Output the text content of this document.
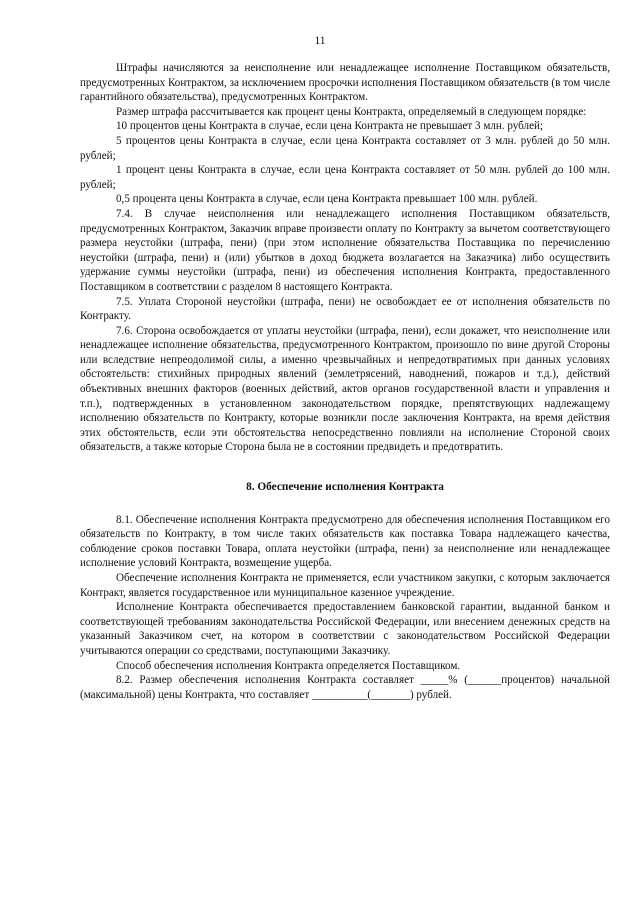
11

Штрафы начисляются за неисполнение или ненадлежащее исполнение Поставщиком обязательств, предусмотренных Контрактом, за исключением просрочки исполнения Поставщиком обязательств (в том числе гарантийного обязательства), предусмотренных Контрактом.

Размер штрафа рассчитывается как процент цены Контракта, определяемый в следующем порядке:

10 процентов цены Контракта в случае, если цена Контракта не превышает 3 млн. рублей;

5 процентов цены Контракта в случае, если цена Контракта составляет от 3 млн. рублей до 50 млн. рублей;

1 процент цены Контракта в случае, если цена Контракта составляет от 50 млн. рублей до 100 млн. рублей;

0,5 процента цены Контракта в случае, если цена Контракта превышает 100 млн. рублей.

7.4. В случае неисполнения или ненадлежащего исполнения Поставщиком обязательств, предусмотренных Контрактом, Заказчик вправе произвести оплату по Контракту за вычетом соответствующего размера неустойки (штрафа, пени) (при этом исполнение обязательства Поставщика по перечислению неустойки (штрафа, пени) и (или) убытков в доход бюджета возлагается на Заказчика) либо осуществить удержание суммы неустойки (штрафа, пени) из обеспечения исполнения Контракта, предоставленного Поставщиком в соответствии с разделом 8 настоящего Контракта.

7.5. Уплата Стороной неустойки (штрафа, пени) не освобождает ее от исполнения обязательств по Контракту.

7.6. Сторона освобождается от уплаты неустойки (штрафа, пени), если докажет, что неисполнение или ненадлежащее исполнение обязательства, предусмотренного Контрактом, произошло по вине другой Стороны или вследствие непреодолимой силы, а именно чрезвычайных и непредотвратимых при данных условиях обстоятельств: стихийных природных явлений (землетрясений, наводнений, пожаров и т.д.), действий объективных внешних факторов (военных действий, актов органов государственной власти и управления и т.п.), подтвержденных в установленном законодательством порядке, препятствующих надлежащему исполнению обязательств по Контракту, которые возникли после заключения Контракта, на время действия этих обстоятельств, если эти обстоятельства непосредственно повлияли на исполнение Стороной своих обязательств, а также которые Сторона была не в состоянии предвидеть и предотвратить.

8. Обеспечение исполнения Контракта

8.1. Обеспечение исполнения Контракта предусмотрено для обеспечения исполнения Поставщиком его обязательств по Контракту, в том числе таких обязательств как поставка Товара надлежащего качества, соблюдение сроков поставки Товара, оплата неустойки (штрафа, пени) за неисполнение или ненадлежащее исполнение условий Контракта, возмещение ущерба.

Обеспечение исполнения Контракта не применяется, если участником закупки, с которым заключается Контракт, является государственное или муниципальное казенное учреждение.

Исполнение Контракта обеспечивается предоставлением банковской гарантии, выданной банком и соответствующей требованиям законодательства Российской Федерации, или внесением денежных средств на указанный Заказчиком счет, на котором в соответствии с законодательством Российской Федерации учитываются операции со средствами, поступающими Заказчику.

Способ обеспечения исполнения Контракта определяется Поставщиком.

8.2. Размер обеспечения исполнения Контракта составляет _____% (______процентов) начальной (максимальной) цены Контракта, что составляет __________(_______) рублей.
